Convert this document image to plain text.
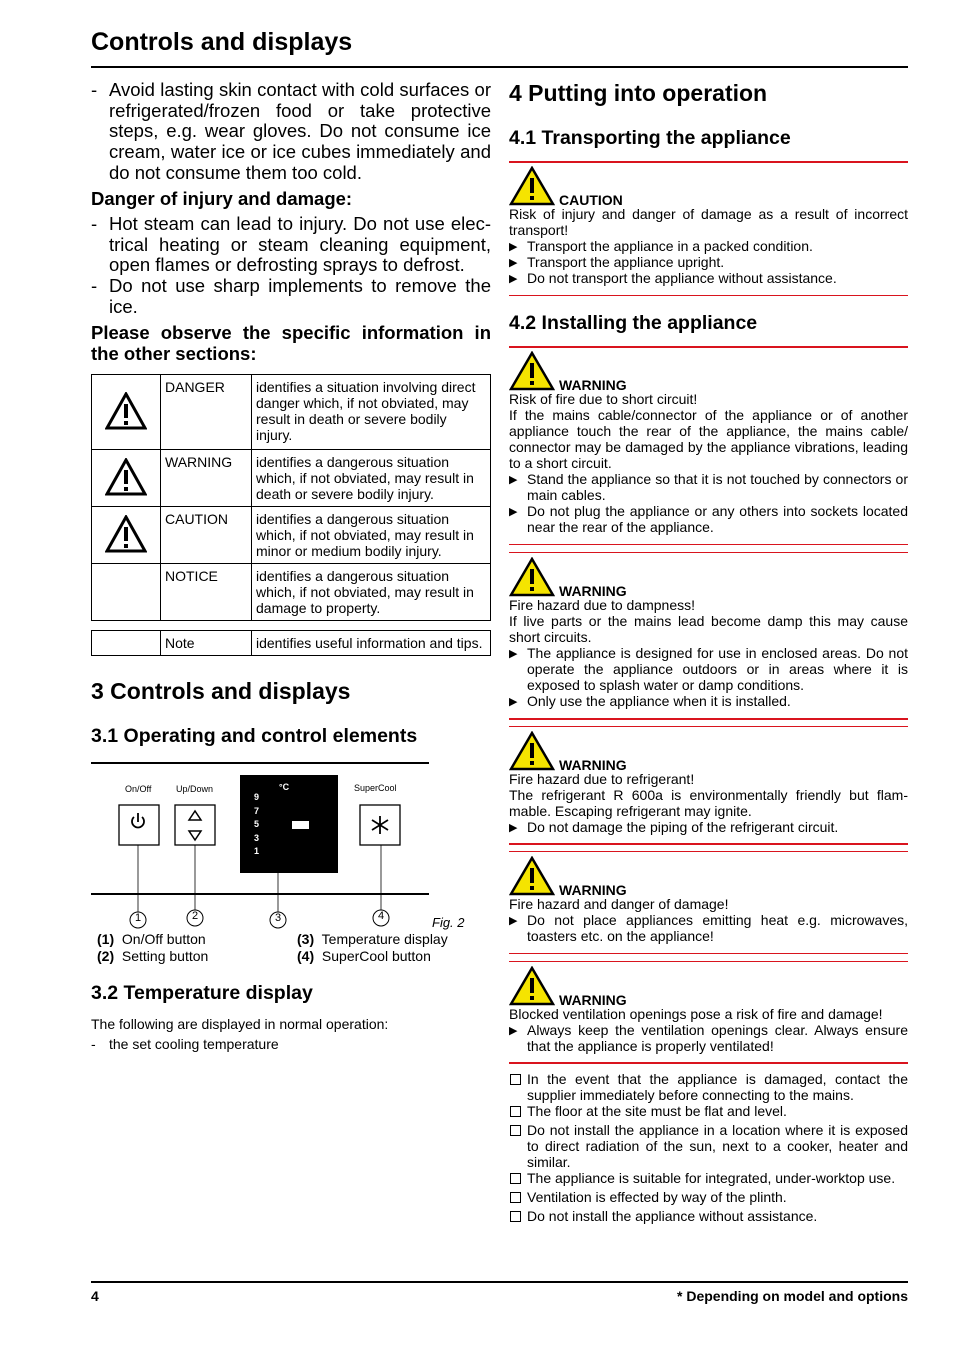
Controls and displays
- Avoid lasting skin contact with cold surfaces or refrigerated/frozen food or take protective steps, e.g. wear gloves. Do not consume ice cream, water ice or ice cubes immediately and do not consume them too cold.
Danger of injury and damage:
- Hot steam can lead to injury. Do not use elec-trical heating or steam cleaning equipment, open flames or defrosting sprays to defrost.
- Do not use sharp implements to remove the ice.
Please observe the specific information in the other sections:
	DANGER	identifies a situation involving direct danger which, if not obviated, may result in death or severe bodily injury.
	WARNING	identifies a dangerous situation which, if not obviated, may result in death or severe bodily injury.
	CAUTION	identifies a dangerous situation which, if not obviated, may result in minor or medium bodily injury.
	NOTICE	identifies a dangerous situation which, if not obviated, may result in damage to property.
	Note	identifies useful information and tips.
3 Controls and displays
3.1 Operating and control elements
On/Off	Up/Down	SuperCool
°C
9
7
5
3
1
1	2	3	4	Fig. 2
(1) On/Off button
(2) Setting button
(3) Temperature display
(4) SuperCool button
3.2 Temperature display
The following are displayed in normal operation:
- the set cooling temperature
4 Putting into operation
4.1 Transporting the appliance
CAUTION
Risk of injury and danger of damage as a result of incorrect transport!
▶ Transport the appliance in a packed condition.
▶ Transport the appliance upright.
▶ Do not transport the appliance without assistance.
4.2 Installing the appliance
WARNING
Risk of fire due to short circuit!
If the mains cable/connector of the appliance or of another appliance touch the rear of the appliance, the mains cable/ connector may be damaged by the appliance vibrations, leading to a short circuit.
▶ Stand the appliance so that it is not touched by connectors or main cables.
▶ Do not plug the appliance or any others into sockets located near the rear of the appliance.
WARNING
Fire hazard due to dampness!
If live parts or the mains lead become damp this may cause short circuits.
▶ The appliance is designed for use in enclosed areas. Do not operate the appliance outdoors or in areas where it is exposed to splash water or damp conditions.
▶ Only use the appliance when it is installed.
WARNING
Fire hazard due to refrigerant!
The refrigerant R 600a is environmentally friendly but flam-mable. Escaping refrigerant may ignite.
▶ Do not damage the piping of the refrigerant circuit.
WARNING
Fire hazard and danger of damage!
▶ Do not place appliances emitting heat e.g. microwaves, toasters etc. on the appliance!
WARNING
Blocked ventilation openings pose a risk of fire and damage!
▶ Always keep the ventilation openings clear. Always ensure that the appliance is properly ventilated!
In the event that the appliance is damaged, contact the supplier immediately before connecting to the mains.
The floor at the site must be flat and level.
Do not install the appliance in a location where it is exposed to direct radiation of the sun, next to a cooker, heater and similar.
The appliance is suitable for integrated, under-worktop use.
Ventilation is effected by way of the plinth.
Do not install the appliance without assistance.
4	* Depending on model and options
